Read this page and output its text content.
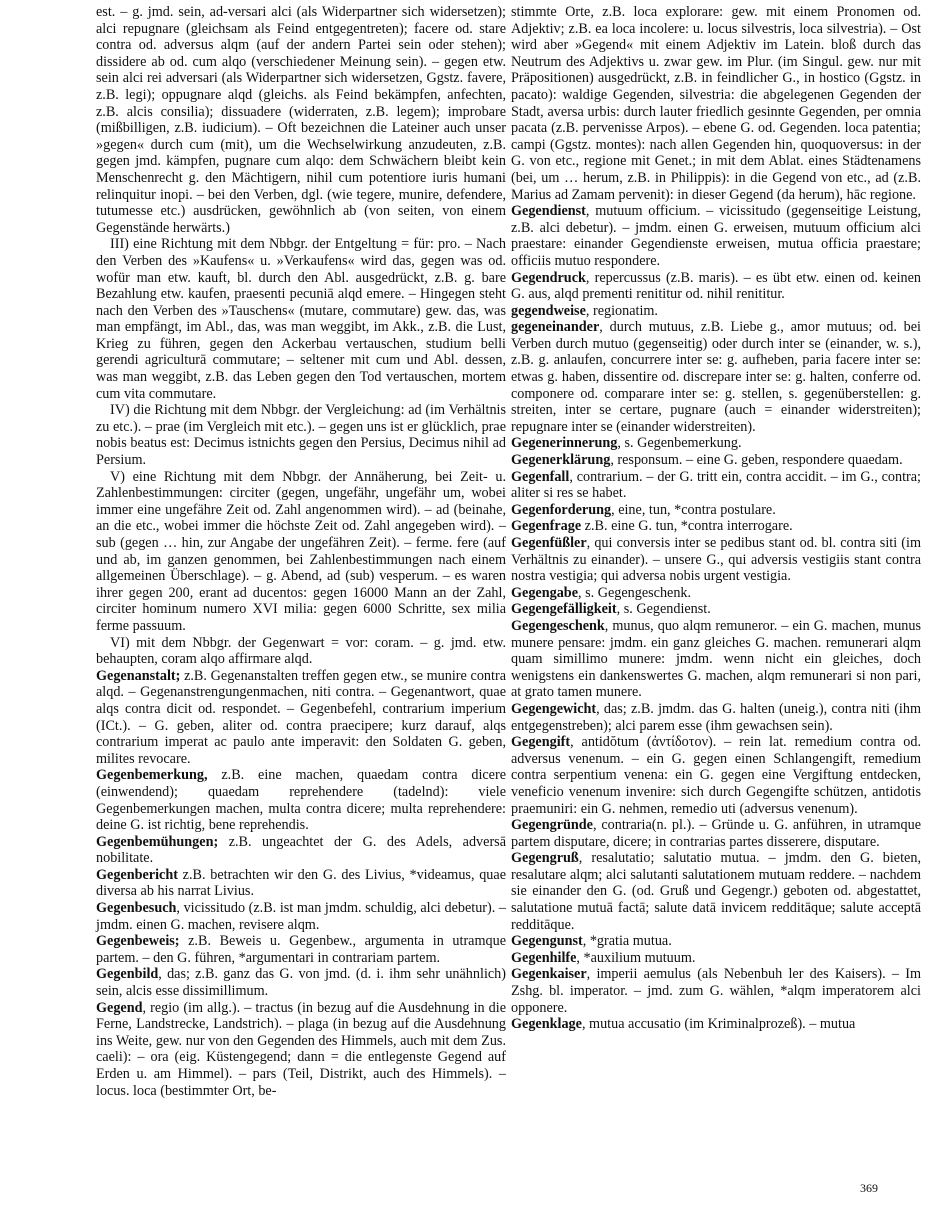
est. – g. jmd. sein, ad-versari alci (als Widerpartner sich widersetzen); alci repugnare (gleichsam als Feind entgegentreten); facere od. stare contra od. adversus alqm (auf der andern Partei sein oder stehen); dissidere ab od. cum alqo (verschiedener Meinung sein). – gegen etw. sein alci rei adversari (als Widerpartner sich widersetzen, Ggstz. favere, z.B. legi); oppugnare alqd (gleichs. als Feind bekämpfen, anfechten, z.B. alcis consilia); dissuadere (widerraten, z.B. legem); improbare (mißbilligen, z.B. iudicium). – Oft bezeichnen die Lateiner auch unser »gegen« durch cum (mit), um die Wechselwirkung anzudeuten, z.B. gegen jmd. kämpfen, pugnare cum alqo: dem Schwächern bleibt kein Menschenrecht g. den Mächtigern, nihil cum potentiore iuris humani relinquitur inopi. – bei den Verben, dgl. (wie tegere, munire, defendere, tutumesse etc.) ausdrücken, gewöhnlich ab (von seiten, von einem Gegenstände herwärts.)

III) eine Richtung mit dem Nbbgr. der Entgeltung = für: pro. – Nach den Verben des »Kaufens« u. »Verkaufens« wird das, gegen was od. wofür man etw. kauft, bl. durch den Abl. ausgedrückt, z.B. g. bare Bezahlung etw. kaufen, praesenti pecuniā alqd emere. – Hingegen steht nach den Verben des »Tauschens« (mutare, commutare) gew. das, was man empfängt, im Abl., das, was man weggibt, im Akk., z.B. die Lust, Krieg zu führen, gegen den Ackerbau vertauschen, studium belli gerendi agriculturā commutare; – seltener mit cum und Abl. dessen, was man weggibt, z.B. das Leben gegen den Tod vertauschen, mortem cum vita commutare.

IV) die Richtung mit dem Nbbgr. der Vergleichung: ad (im Verhältnis zu etc.). – prae (im Vergleich mit etc.). – gegen uns ist er glücklich, prae nobis beatus est: Decimus istnichts gegen den Persius, Decimus nihil ad Persium.

V) eine Richtung mit dem Nbbgr. der Annäherung, bei Zeit- u. Zahlenbestimmungen: circiter (gegen, ungefähr, ungefähr um, wobei immer eine ungefähre Zeit od. Zahl angenommen wird). – ad (beinahe, an die etc., wobei immer die höchste Zeit od. Zahl angegeben wird). – sub (gegen … hin, zur Angabe der ungefähren Zeit). – ferme. fere (auf und ab, im ganzen genommen, bei Zahlenbestimmungen nach einem allgemeinen Überschlage). – g. Abend, ad (sub) vesperum. – es waren ihrer gegen 200, erant ad ducentos: gegen 16000 Mann an der Zahl, circiter hominum numero XVI milia: gegen 6000 Schritte, sex milia ferme passuum.

VI) mit dem Nbbgr. der Gegenwart = vor: coram. – g. jmd. etw. behaupten, coram alqo affirmare alqd.

Gegenanstalt; z.B. Gegenanstalten treffen gegen etw., se munire contra alqd. – Gegenanstrengungenmachen, niti contra. – Gegenantwort, quae alqs contra dicit od. respondet. – Gegenbefehl, contrarium imperium (ICt.). – G. geben, aliter od. contra praecipere; kurz darauf, alqs contrarium imperat ac paulo ante imperavit: den Soldaten G. geben, milites revocare.

Gegenbemerkung, z.B. eine machen, quaedam contra dicere (einwendend); quaedam reprehendere (tadelnd): viele Gegenbemerkungen machen, multa contra dicere; multa reprehendere: deine G. ist richtig, bene reprehendis.

Gegenbemühungen; z.B. ungeachtet der G. des Adels, adversā nobilitate.

Gegenbericht z.B. betrachten wir den G. des Livius, *videamus, quae diversa ab his narrat Livius.

Gegenbesuch, vicissitudo (z.B. ist man jmdm. schuldig, alci debetur). – jmdm. einen G. machen, revisere alqm.

Gegenbeweis; z.B. Beweis u. Gegenbew., argumenta in utramque partem. – den G. führen, *argumentari in contrariam partem.

Gegenbild, das; z.B. ganz das G. von jmd. (d. i. ihm sehr unähnlich) sein, alcis esse dissimillimum.

Gegend, regio (im allg.). – tractus (in bezug auf die Ausdehnung in die Ferne, Landstrecke, Landstrich). – plaga (in bezug auf die Ausdehnung ins Weite, gew. nur von den Gegenden des Himmels, auch mit dem Zus. caeli): – ora (eig. Küstengegend; dann = die entlegenste Gegend auf Erden u. am Himmel). – pars (Teil, Distrikt, auch des Himmels). – locus. loca (bestimmter Ort, be-

stimmte Orte, z.B. loca explorare: gew. mit einem Pronomen od. Adjektiv; z.B. ea loca incolere: u. locus silvestris, loca silvestria). – Ost wird aber »Gegend« mit einem Adjektiv im Latein. bloß durch das Neutrum des Adjektivs u. zwar gew. im Plur. (im Singul. gew. nur mit Präpositionen) ausgedrückt, z.B. in feindlicher G., in hostico (Ggstz. in pacato): waldige Gegenden, silvestria: die abgelegenen Gegenden der Stadt, aversa urbis: durch lauter friedlich gesinnte Gegenden, per omnia pacata (z.B. pervenisse Arpos). – ebene G. od. Gegenden. loca patentia; campi (Ggstz. montes): nach allen Gegenden hin, quoquoversus: in der G. von etc., regione mit Genet.; in mit dem Ablat. eines Städtenamens (bei, um … herum, z.B. in Philippis): in die Gegend von etc., ad (z.B. Marius ad Zamam pervenit): in dieser Gegend (da herum), hāc regione.

Gegendienst, mutuum officium. – vicissitudo (gegenseitige Leistung, z.B. alci debetur). – jmdm. einen G. erweisen, mutuum officium alci praestare: einander Gegendienste erweisen, mutua officia praestare; officiis mutuo respondere.

Gegendruck, repercussus (z.B. maris). – es übt etw. einen od. keinen G. aus, alqd prementi renititur od. nihil renititur.

gegendweise, regionatim.

gegeneinander, durch mutuus, z.B. Liebe g., amor mutuus; od. bei Verben durch mutuo (gegenseitig) oder durch inter se (einander, w. s.), z.B. g. anlaufen, concurrere inter se: g. aufheben, paria facere inter se: etwas g. haben, dissentire od. discrepare inter se: g. halten, conferre od. componere od. comparare inter se: g. stellen, s. gegenüberstellen: g. streiten, inter se certare, pugnare (auch = einander widerstreiten); repugnare inter se (einander widerstreiten).

Gegenerinnerung, s. Gegenbemerkung.

Gegenerklärung, responsum. – eine G. geben, respondere quaedam.

Gegenfall, contrarium. – der G. tritt ein, contra accidit. – im G., contra; aliter si res se habet.

Gegenforderung, eine, tun, *contra postulare.

Gegenfrage z.B. eine G. tun, *contra interrogare.

Gegenfüßler, qui conversis inter se pedibus stant od. bl. contra siti (im Verhältnis zu einander). – unsere G., qui adversis vestigiis stant contra nostra vestigia; qui adversa nobis urgent vestigia.

Gegengabe, s. Gegengeschenk.

Gegengefälligkeit, s. Gegendienst.

Gegengeschenk, munus, quo alqm remuneror. – ein G. machen, munus munere pensare: jmdm. ein ganz gleiches G. machen. remunerari alqm quam simillimo munere: jmdm. wenn nicht ein gleiches, doch wenigstens ein dankenswertes G. machen, alqm remunerari si non pari, at grato tamen munere.

Gegengewicht, das; z.B. jmdm. das G. halten (uneig.), contra niti (ihm entgegenstreben); alci parem esse (ihm gewachsen sein).

Gegengift, antidŏtum (ἀντίδοτον). – rein lat. remedium contra od. adversus venenum. – ein G. gegen einen Schlangengift, remedium contra serpentium venena: ein G. gegen eine Vergiftung entdecken, veneficio venenum invenire: sich durch Gegengifte schützen, antidotis praemuniri: ein G. nehmen, remedio uti (adversus venenum).

Gegengründe, contraria(n. pl.). – Gründe u. G. anführen, in utramque partem disputare, dicere; in contrarias partes disserere, disputare.

Gegengruß, resalutatio; salutatio mutua. – jmdm. den G. bieten, resalutare alqm; alci salutanti salutationem mutuam reddere. – nachdem sie einander den G. (od. Gruß und Gegengr.) geboten od. abgestattet, salutatione mutuā factā; salute datā invicem redditāque; salute acceptā redditāque.

Gegengunst, *gratia mutua.

Gegenhilfe, *auxilium mutuum.

Gegenkaiser, imperii aemulus (als Nebenbuh ler des Kaisers). – Im Zshg. bl. imperator. – jmd. zum G. wählen, *alqm imperatorem alci opponere.

Gegenklage, mutua accusatio (im Kriminalprozeß). – mutua

369
